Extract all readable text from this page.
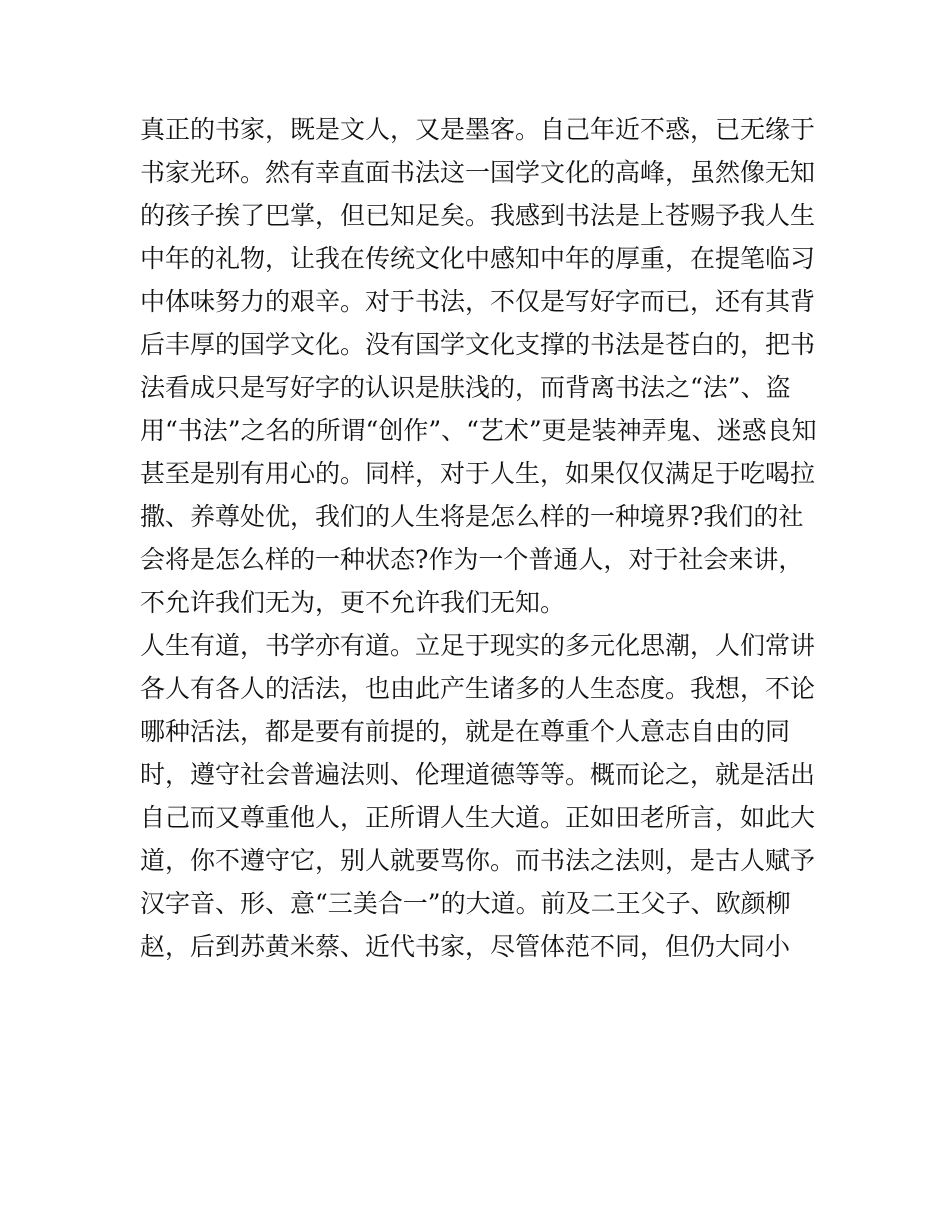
真正的书家，既是文人，又是墨客。自己年近不惑，已无缘于
书家光环。然有幸直面书法这一国学文化的高峰，虽然像无知
的孩子挨了巴掌，但已知足矣。我感到书法是上苍赐予我人生
中年的礼物，让我在传统文化中感知中年的厚重，在提笔临习
中体味努力的艰辛。对于书法，不仅是写好字而已，还有其背
后丰厚的国学文化。没有国学文化支撑的书法是苍白的，把书
法看成只是写好字的认识是肤浅的，而背离书法之“法”、盗
用“书法”之名的所谓“创作”、“艺术”更是装神弄鬼、迷惑良知
甚至是别有用心的。同样，对于人生，如果仅仅满足于吃喝拉
撒、养尊处优，我们的人生将是怎么样的一种境界?我们的社
会将是怎么样的一种状态?作为一个普通人，对于社会来讲，
不允许我们无为，更不允许我们无知。
人生有道，书学亦有道。立足于现实的多元化思潮，人们常讲
各人有各人的活法，也由此产生诸多的人生态度。我想，不论
哪种活法，都是要有前提的，就是在尊重个人意志自由的同
时，遵守社会普遍法则、伦理道德等等。概而论之，就是活出
自己而又尊重他人，正所谓人生大道。正如田老所言，如此大
道，你不遵守它，别人就要骂你。而书法之法则，是古人赋予
汉字音、形、意“三美合一”的大道。前及二王父子、欧颜柳
赵，后到苏黄米蔡、近代书家，尽管体范不同，但仍大同小
